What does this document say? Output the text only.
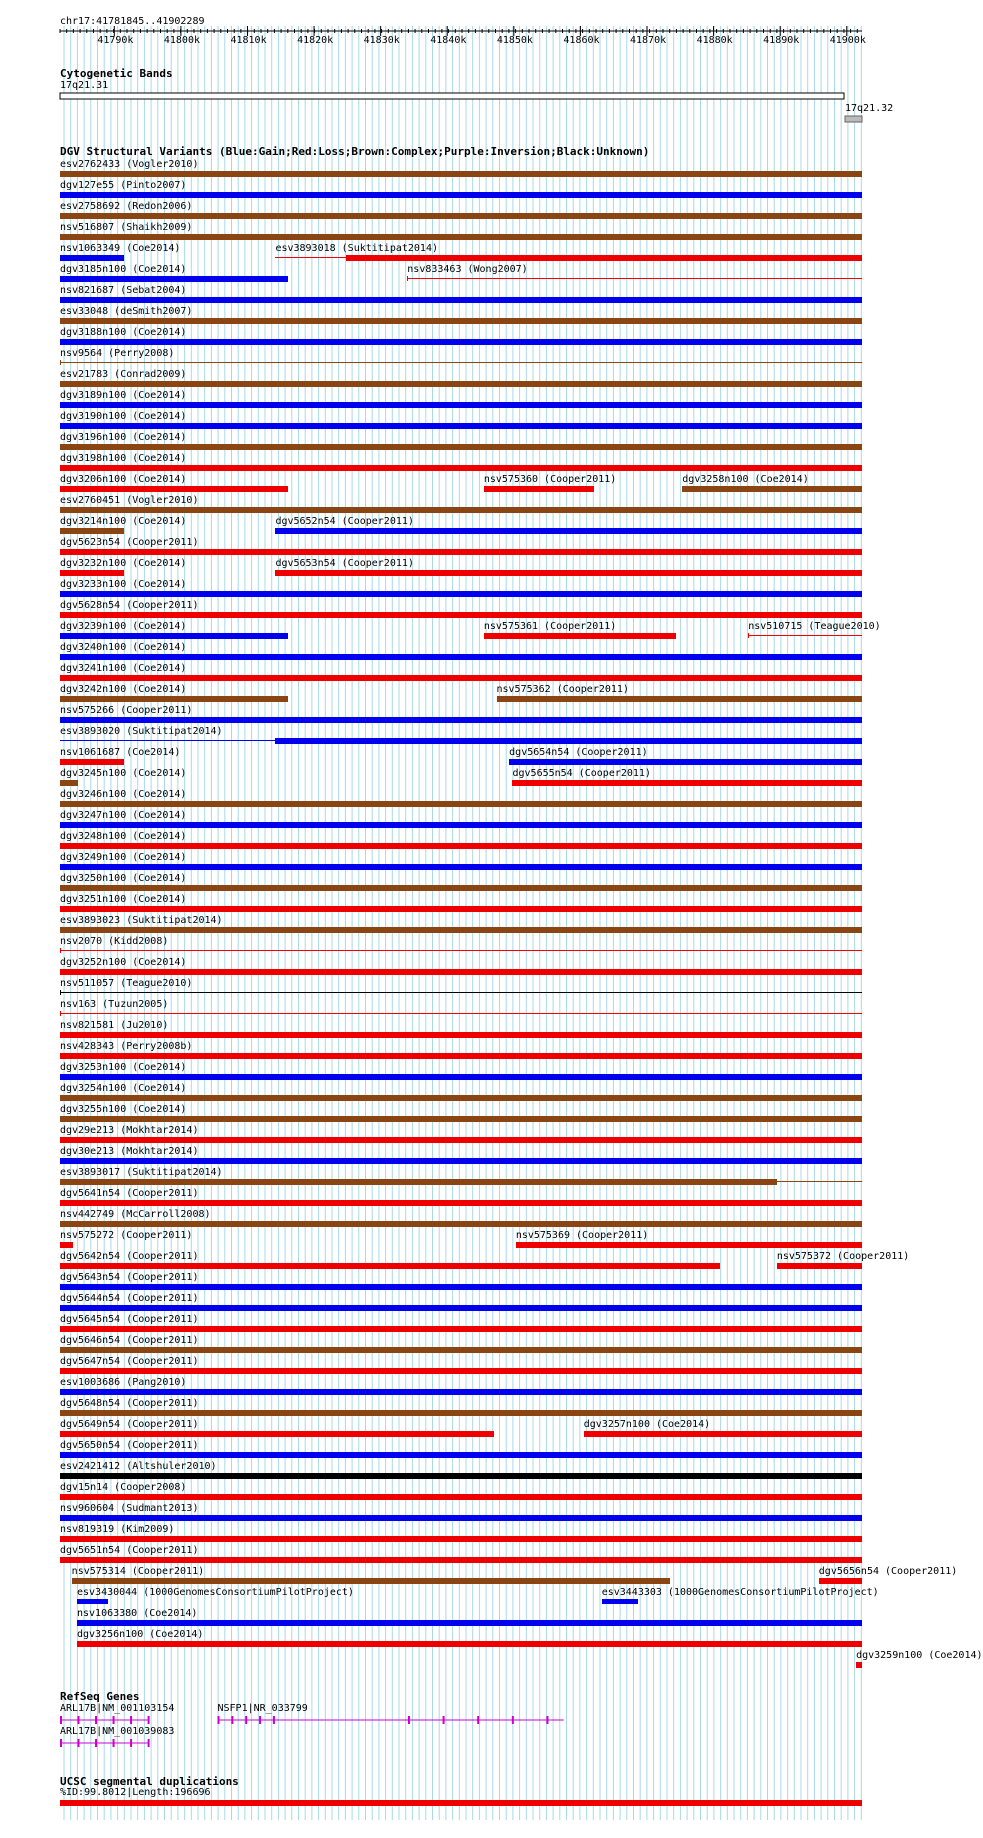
chr17:41781845..41902289
41790k	41800k	41810k	41820k	41830k	41840k	41850k	41860k	41870k	41880k	41890k	41900k
Cytogenetic Bands
17q21.31
17q21.32
DGV Structural Variants (Blue:Gain;Red:Loss;Brown:Complex;Purple:Inversion;Black:Unknown)
esv2762433 (Vogler2010)
dgv127e55 (Pinto2007)
esv2758692 (Redon2006)
nsv516807 (Shaikh2009)
nsv1063349 (Coe2014)	esv3893018 (Suktitipat2014)
dgv3185n100 (Coe2014)	nsv833463 (Wong2007)
nsv821687 (Sebat2004)
esv33048 (deSmith2007)
dgv3188n100 (Coe2014)
nsv9564 (Perry2008)
esv21783 (Conrad2009)
dgv3189n100 (Coe2014)
dgv3190n100 (Coe2014)
dgv3196n100 (Coe2014)
dgv3198n100 (Coe2014)
dgv3206n100 (Coe2014)	nsv575360 (Cooper2011)	dgv3258n100 (Coe2014)
esv2760451 (Vogler2010)
dgv3214n100 (Coe2014)	dgv5652n54 (Cooper2011)
dgv5623n54 (Cooper2011)
dgv3232n100 (Coe2014)	dgv5653n54 (Cooper2011)
dgv3233n100 (Coe2014)
dgv5628n54 (Cooper2011)
dgv3239n100 (Coe2014)	nsv575361 (Cooper2011)	nsv510715 (Teague2010)
dgv3240n100 (Coe2014)
dgv3241n100 (Coe2014)
dgv3242n100 (Coe2014)	nsv575362 (Cooper2011)
nsv575266 (Cooper2011)
esv3893020 (Suktitipat2014)
nsv1061687 (Coe2014)	dgv5654n54 (Cooper2011)
dgv3245n100 (Coe2014)	dgv5655n54 (Cooper2011)
dgv3246n100 (Coe2014)
dgv3247n100 (Coe2014)
dgv3248n100 (Coe2014)
dgv3249n100 (Coe2014)
dgv3250n100 (Coe2014)
dgv3251n100 (Coe2014)
esv3893023 (Suktitipat2014)
nsv2070 (Kidd2008)
dgv3252n100 (Coe2014)
nsv511057 (Teague2010)
nsv163 (Tuzun2005)
nsv821581 (Ju2010)
nsv428343 (Perry2008b)
dgv3253n100 (Coe2014)
dgv3254n100 (Coe2014)
dgv3255n100 (Coe2014)
dgv29e213 (Mokhtar2014)
dgv30e213 (Mokhtar2014)
esv3893017 (Suktitipat2014)
dgv5641n54 (Cooper2011)
nsv442749 (McCarroll2008)
nsv575272 (Cooper2011)	nsv575369 (Cooper2011)
dgv5642n54 (Cooper2011)	nsv575372 (Cooper2011)
dgv5643n54 (Cooper2011)
dgv5644n54 (Cooper2011)
dgv5645n54 (Cooper2011)
dgv5646n54 (Cooper2011)
dgv5647n54 (Cooper2011)
esv1003686 (Pang2010)
dgv5648n54 (Cooper2011)
dgv5649n54 (Cooper2011)	dgv3257n100 (Coe2014)
dgv5650n54 (Cooper2011)
esv2421412 (Altshuler2010)
dgv15n14 (Cooper2008)
nsv960604 (Sudmant2013)
nsv819319 (Kim2009)
dgv5651n54 (Cooper2011)
nsv575314 (Cooper2011)	dgv5656n54 (Cooper2011)
esv3430044 (1000GenomesConsortiumPilotProject)	esv3443303 (1000GenomesConsortiumPilotProject)
nsv1063380 (Coe2014)
dgv3256n100 (Coe2014)
dgv3259n100 (Coe2014)
RefSeq Genes
ARL17B|NM_001103154
ARL17B|NM_001039083
NSFP1|NR_033799
UCSC segmental duplications
%ID:99.8012|Length:196696
